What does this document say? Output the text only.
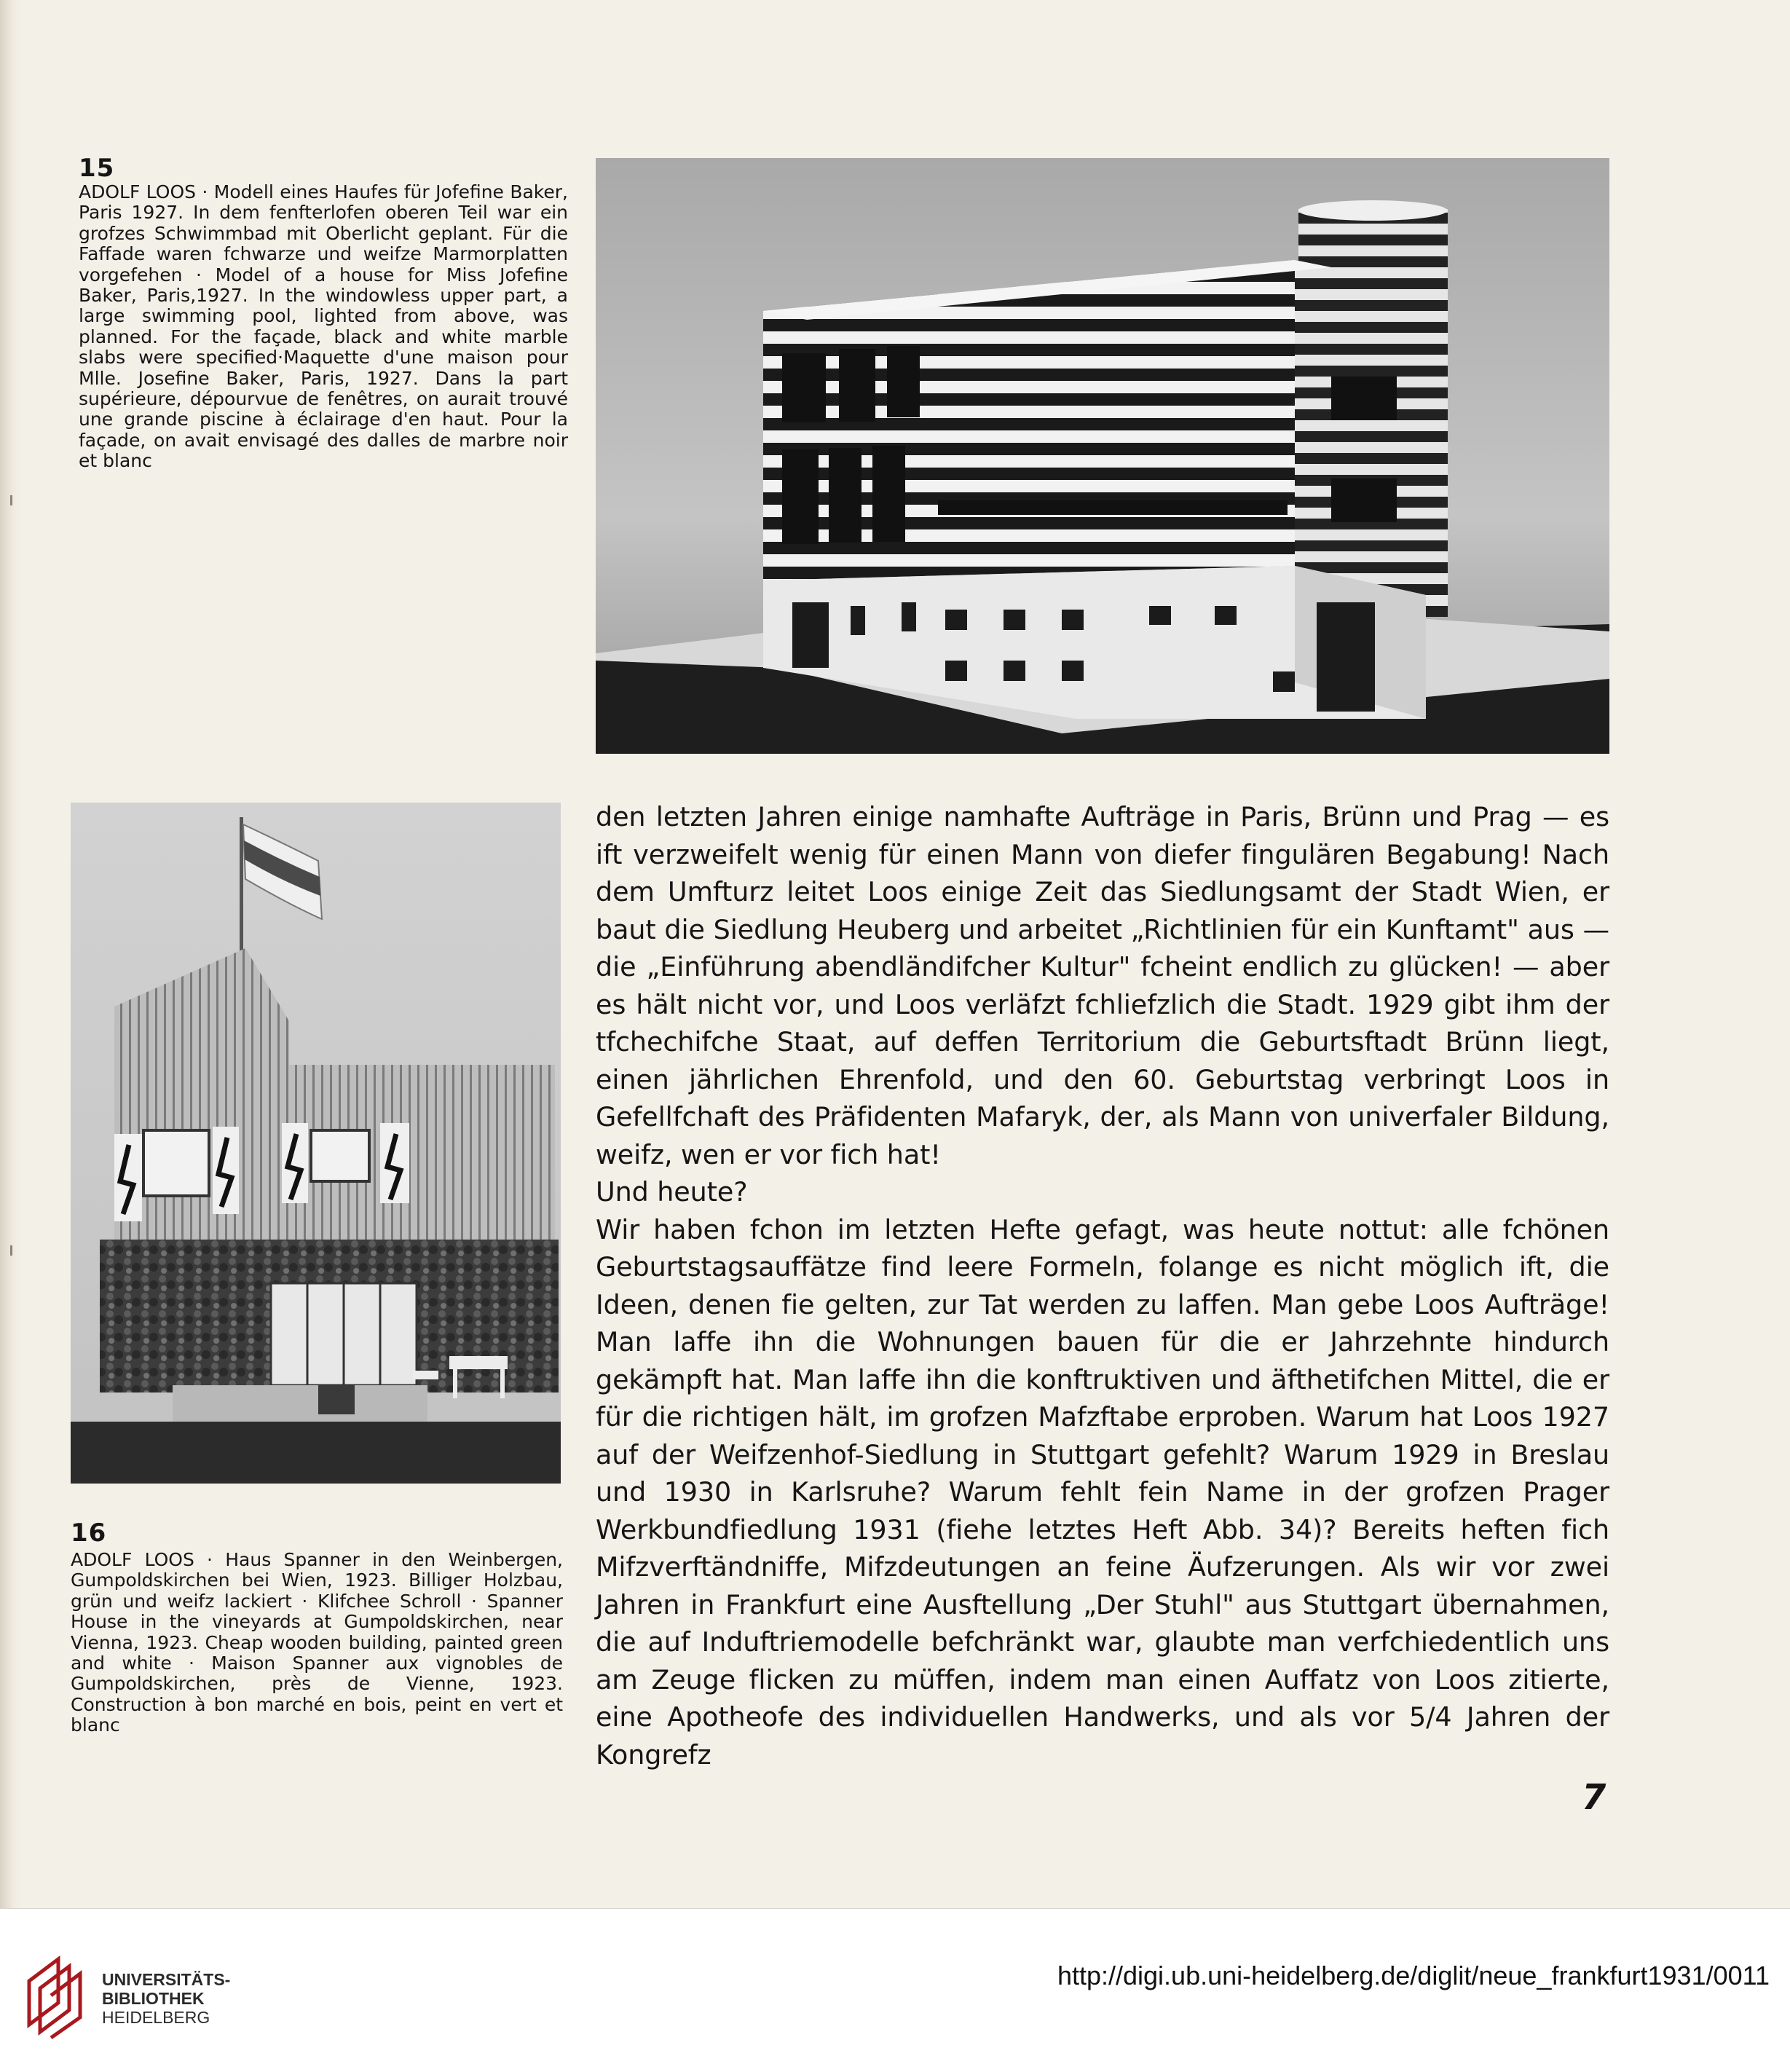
15
ADOLF LOOS · Modell eines Haufes für Jofefine Baker, Paris 1927. In dem fenfterlofen oberen Teil war ein grofzes Schwimmbad mit Oberlicht geplant. Für die Faffade waren fchwarze und weifze Marmorplatten vorgefehen · Model of a house for Miss Jofefine Baker, Paris,1927. In the windowless upper part, a large swimming pool, lighted from above, was planned. For the façade, black and white marble slabs were specified·Maquette d'une maison pour Mlle. Josefine Baker, Paris, 1927. Dans la part supérieure, dépourvue de fenêtres, on aurait trouvé une grande piscine à éclairage d'en haut. Pour la façade, on avait envisagé des dalles de marbre noir et blanc
16
ADOLF LOOS · Haus Spanner in den Weinbergen, Gumpoldskirchen bei Wien, 1923. Billiger Holzbau, grün und weifz lackiert · Klifchee Schroll · Spanner House in the vineyards at Gumpoldskirchen, near Vienna, 1923. Cheap wooden building, painted green and white · Maison Spanner aux vignobles de Gumpoldskirchen, près de Vienne, 1923. Construction à bon marché en bois, peint en vert et blanc

den letzten Jahren einige namhafte Aufträge in Paris, Brünn und Prag — es ift verzweifelt wenig für einen Mann von diefer fingulären Begabung! Nach dem Umfturz leitet Loos einige Zeit das Siedlungsamt der Stadt Wien, er baut die Siedlung Heuberg und arbeitet „Richtlinien für ein Kunftamt" aus — die „Einführung abendländifcher Kultur" fcheint endlich zu glücken! — aber es hält nicht vor, und Loos verläfzt fchliefzlich die Stadt. 1929 gibt ihm der tfchechifche Staat, auf deffen Territorium die Geburtsftadt Brünn liegt, einen jährlichen Ehrenfold, und den 60. Geburtstag verbringt Loos in Gefellfchaft des Präfidenten Mafaryk, der, als Mann von univerfaler Bildung, weifz, wen er vor fich hat!

Und heute?

Wir haben fchon im letzten Hefte gefagt, was heute nottut: alle fchönen Geburtstagsauffätze find leere Formeln, folange es nicht möglich ift, die Ideen, denen fie gelten, zur Tat werden zu laffen. Man gebe Loos Aufträge! Man laffe ihn die Wohnungen bauen für die er Jahrzehnte hindurch gekämpft hat. Man laffe ihn die konftruktiven und äfthetifchen Mittel, die er für die richtigen hält, im grofzen Mafzftabe erproben. Warum hat Loos 1927 auf der Weifzenhof-Siedlung in Stuttgart gefehlt? Warum 1929 in Breslau und 1930 in Karlsruhe? Warum fehlt fein Name in der grofzen Prager Werkbundfiedlung 1931 (fiehe letztes Heft Abb. 34)? Bereits heften fich Mifzverftändniffe, Mifzdeutungen an feine Äufzerungen. Als wir vor zwei Jahren in Frankfurt eine Ausftellung „Der Stuhl" aus Stuttgart übernahmen, die auf Induftriemodelle befchränkt war, glaubte man verfchiedentlich uns am Zeuge flicken zu müffen, indem man einen Auffatz von Loos zitierte, eine Apotheofe des individuellen Handwerks, und als vor 5/4 Jahren der Kongrefz

7
UNIVERSITÄTS-
BIBLIOTHEK
HEIDELBERG
http://digi.ub.uni-heidelberg.de/diglit/neue_frankfurt1931/0011
